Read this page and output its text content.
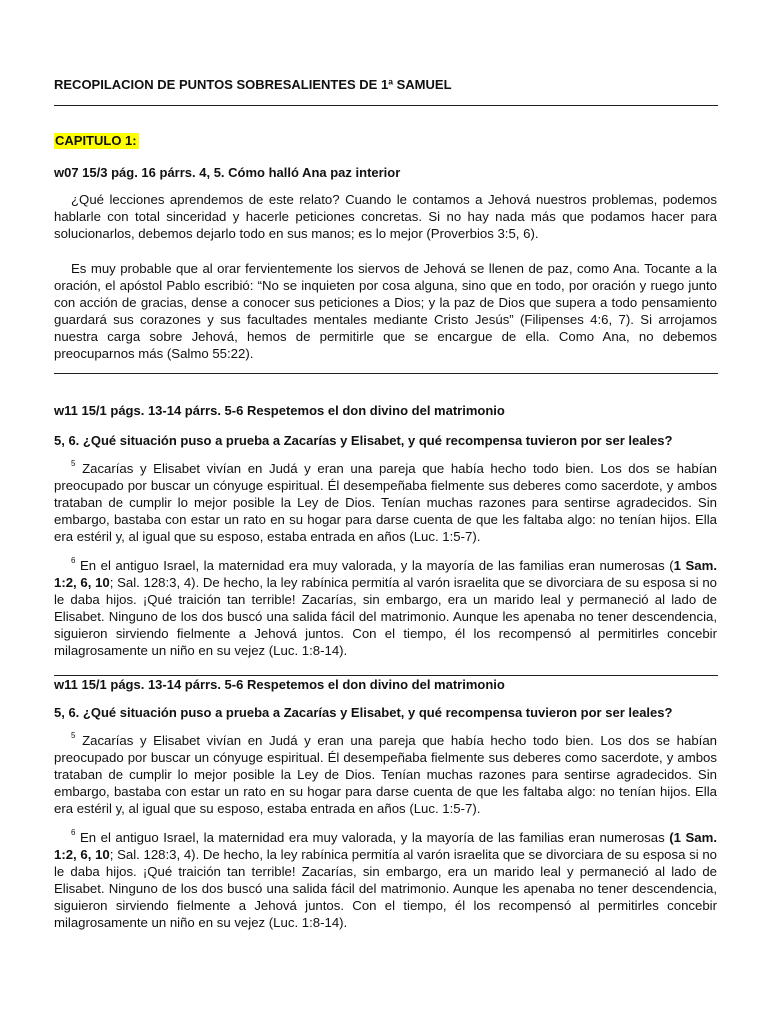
RECOPILACION DE PUNTOS SOBRESALIENTES DE 1ª SAMUEL
CAPITULO 1:
w07 15/3 pág. 16 párrs. 4, 5. Cómo halló Ana paz interior
¿Qué lecciones aprendemos de este relato? Cuando le contamos a Jehová nuestros problemas, podemos hablarle con total sinceridad y hacerle peticiones concretas. Si no hay nada más que podamos hacer para solucionarlos, debemos dejarlo todo en sus manos; es lo mejor (Proverbios 3:5, 6).
Es muy probable que al orar fervientemente los siervos de Jehová se llenen de paz, como Ana. Tocante a la oración, el apóstol Pablo escribió: “No se inquieten por cosa alguna, sino que en todo, por oración y ruego junto con acción de gracias, dense a conocer sus peticiones a Dios; y la paz de Dios que supera a todo pensamiento guardará sus corazones y sus facultades mentales mediante Cristo Jesús” (Filipenses 4:6, 7). Si arrojamos nuestra carga sobre Jehová, hemos de permitirle que se encargue de ella. Como Ana, no debemos preocuparnos más (Salmo 55:22).
w11 15/1 págs. 13-14 párrs. 5-6 Respetemos el don divino del matrimonio
5, 6. ¿Qué situación puso a prueba a Zacarías y Elisabet, y qué recompensa tuvieron por ser leales?
$^5$ Zacarías y Elisabet vivían en Judá y eran una pareja que había hecho todo bien. Los dos se habían preocupado por buscar un cónyuge espiritual. Él desempeñaba fielmente sus deberes como sacerdote, y ambos trataban de cumplir lo mejor posible la Ley de Dios. Tenían muchas razones para sentirse agradecidos. Sin embargo, bastaba con estar un rato en su hogar para darse cuenta de que les faltaba algo: no tenían hijos. Ella era estéril y, al igual que su esposo, estaba entrada en años (Luc. 1:5-7).
$^6$ En el antiguo Israel, la maternidad era muy valorada, y la mayoría de las familias eran numerosas (1 Sam. 1:2, 6, 10; Sal. 128:3, 4). De hecho, la ley rabínica permitía al varón israelita que se divorciara de su esposa si no le daba hijos. ¡Qué traición tan terrible! Zacarías, sin embargo, era un marido leal y permaneció al lado de Elisabet. Ninguno de los dos buscó una salida fácil del matrimonio. Aunque les apenaba no tener descendencia, siguieron sirviendo fielmente a Jehová juntos. Con el tiempo, él los recompensó al permitirles concebir milagrosamente un niño en su vejez (Luc. 1:8-14).
w11 15/1 págs. 13-14 párrs. 5-6 Respetemos el don divino del matrimonio
5, 6. ¿Qué situación puso a prueba a Zacarías y Elisabet, y qué recompensa tuvieron por ser leales?
$^5$ Zacarías y Elisabet vivían en Judá y eran una pareja que había hecho todo bien. Los dos se habían preocupado por buscar un cónyuge espiritual. Él desempeñaba fielmente sus deberes como sacerdote, y ambos trataban de cumplir lo mejor posible la Ley de Dios. Tenían muchas razones para sentirse agradecidos. Sin embargo, bastaba con estar un rato en su hogar para darse cuenta de que les faltaba algo: no tenían hijos. Ella era estéril y, al igual que su esposo, estaba entrada en años (Luc. 1:5-7).
$^6$ En el antiguo Israel, la maternidad era muy valorada, y la mayoría de las familias eran numerosas (1 Sam. 1:2, 6, 10; Sal. 128:3, 4). De hecho, la ley rabínica permitía al varón israelita que se divorciara de su esposa si no le daba hijos. ¡Qué traición tan terrible! Zacarías, sin embargo, era un marido leal y permaneció al lado de Elisabet. Ninguno de los dos buscó una salida fácil del matrimonio. Aunque les apenaba no tener descendencia, siguieron sirviendo fielmente a Jehová juntos. Con el tiempo, él los recompensó al permitirles concebir milagrosamente un niño en su vejez (Luc. 1:8-14).
